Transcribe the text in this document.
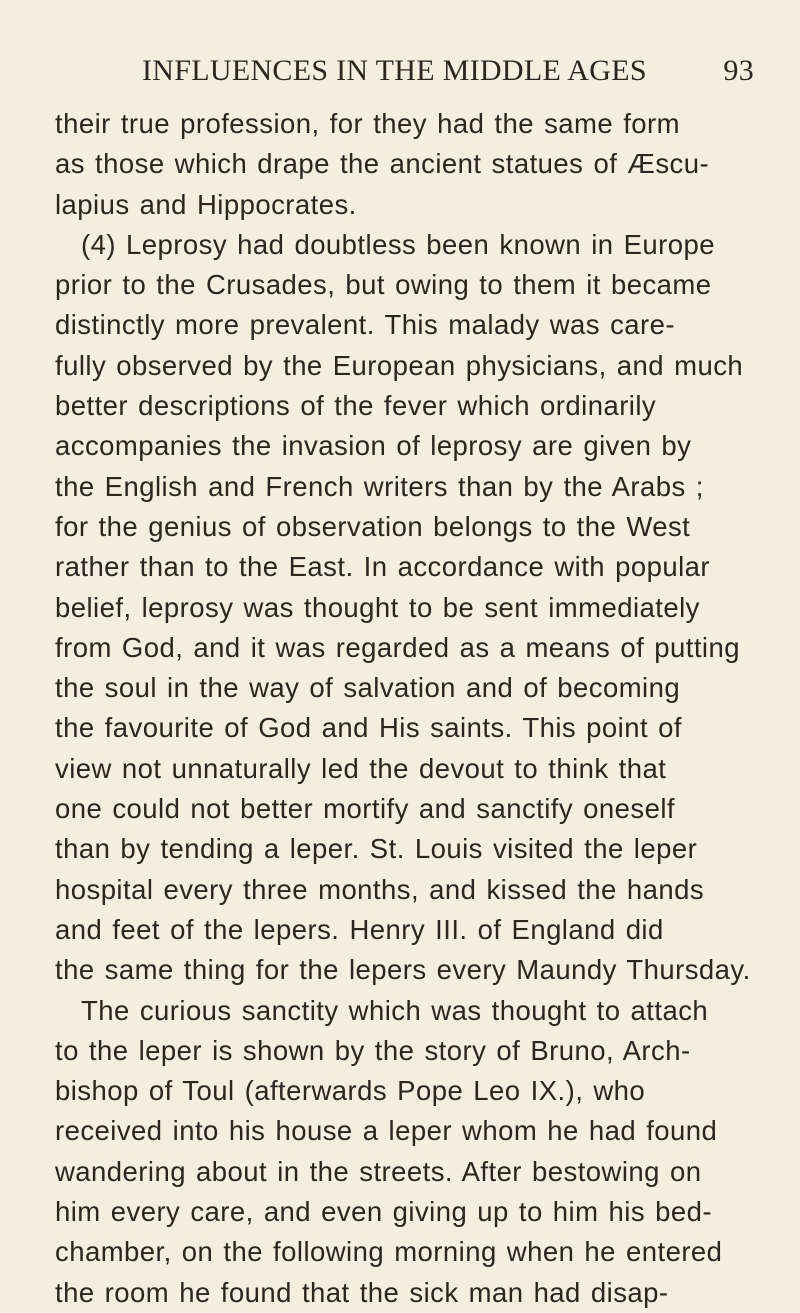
INFLUENCES IN THE MIDDLE AGES	93
their true profession, for they had the same form
as those which drape the ancient statues of Æscu-
lapius and Hippocrates.
(4) Leprosy had doubtless been known in Europe
prior to the Crusades, but owing to them it became
distinctly more prevalent. This malady was care-
fully observed by the European physicians, and much
better descriptions of the fever which ordinarily
accompanies the invasion of leprosy are given by
the English and French writers than by the Arabs ;
for the genius of observation belongs to the West
rather than to the East. In accordance with popular
belief, leprosy was thought to be sent immediately
from God, and it was regarded as a means of putting
the soul in the way of salvation and of becoming
the favourite of God and His saints. This point of
view not unnaturally led the devout to think that
one could not better mortify and sanctify oneself
than by tending a leper. St. Louis visited the leper
hospital every three months, and kissed the hands
and feet of the lepers. Henry III. of England did
the same thing for the lepers every Maundy Thursday.
The curious sanctity which was thought to attach
to the leper is shown by the story of Bruno, Arch-
bishop of Toul (afterwards Pope Leo IX.), who
received into his house a leper whom he had found
wandering about in the streets. After bestowing on
him every care, and even giving up to him his bed-
chamber, on the following morning when he entered
the room he found that the sick man had disap-
